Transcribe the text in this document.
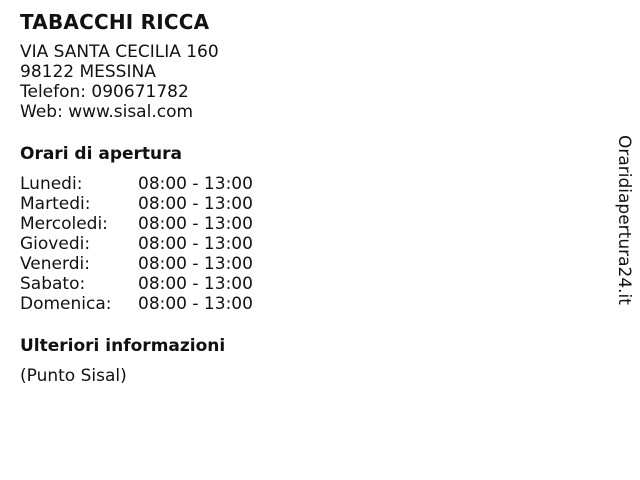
TABACCHI RICCA
VIA SANTA CECILIA 160
98122 MESSINA
Telefon: 090671782
Web: www.sisal.com
Orari di apertura
Lunedi:	08:00 - 13:00
Martedi:	08:00 - 13:00
Mercoledi: 08:00 - 13:00
Giovedi:	08:00 - 13:00
Venerdi:	08:00 - 13:00
Sabato:	08:00 - 13:00
Domenica: 08:00 - 13:00
Ulteriori informazioni
(Punto Sisal)
Oraridiapertura24.it
